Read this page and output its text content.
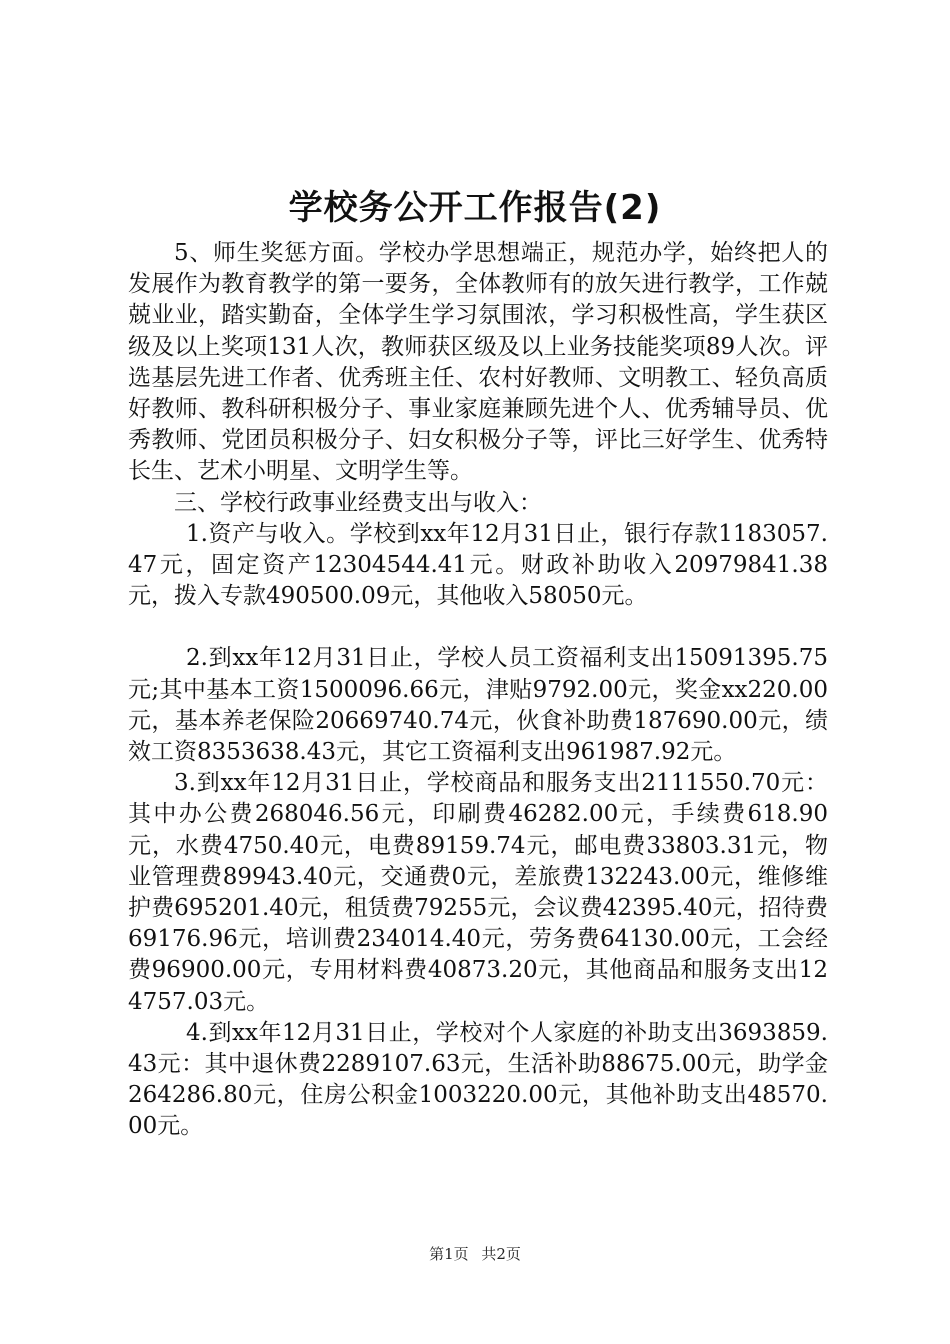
学校务公开工作报告(2)

5、师生奖惩方面。学校办学思想端正，规范办学，始终把人的发展作为教育教学的第一要务，全体教师有的放矢进行教学，工作兢兢业业，踏实勤奋，全体学生学习氛围浓，学习积极性高，学生获区级及以上奖项131人次，教师获区级及以上业务技能奖项89人次。评选基层先进工作者、优秀班主任、农村好教师、文明教工、轻负高质好教师、教科研积极分子、事业家庭兼顾先进个人、优秀辅导员、优秀教师、党团员积极分子、妇女积极分子等，评比三好学生、优秀特长生、艺术小明星、文明学生等。

三、学校行政事业经费支出与收入：

1.资产与收入。学校到xx年12月31日止，银行存款1183057.47元，固定资产12304544.41元。财政补助收入20979841.38元，拨入专款490500.09元，其他收入58050元。

2.到xx年12月31日止，学校人员工资福利支出15091395.75元;其中基本工资1500096.66元，津贴9792.00元，奖金xx220.00元，基本养老保险20669740.74元，伙食补助费187690.00元，绩效工资8353638.43元，其它工资福利支出961987.92元。

3.到xx年12月31日止，学校商品和服务支出2111550.70元：其中办公费268046.56元，印刷费46282.00元，手续费618.90元，水费4750.40元，电费89159.74元，邮电费33803.31元，物业管理费89943.40元，交通费0元，差旅费132243.00元，维修维护费695201.40元，租赁费79255元，会议费42395.40元，招待费69176.96元，培训费234014.40元，劳务费64130.00元，工会经费96900.00元，专用材料费40873.20元，其他商品和服务支出124757.03元。

4.到xx年12月31日止，学校对个人家庭的补助支出3693859.43元：其中退休费2289107.63元，生活补助88675.00元，助学金264286.80元，住房公积金1003220.00元，其他补助支出48570.00元。

第1页 共2页
